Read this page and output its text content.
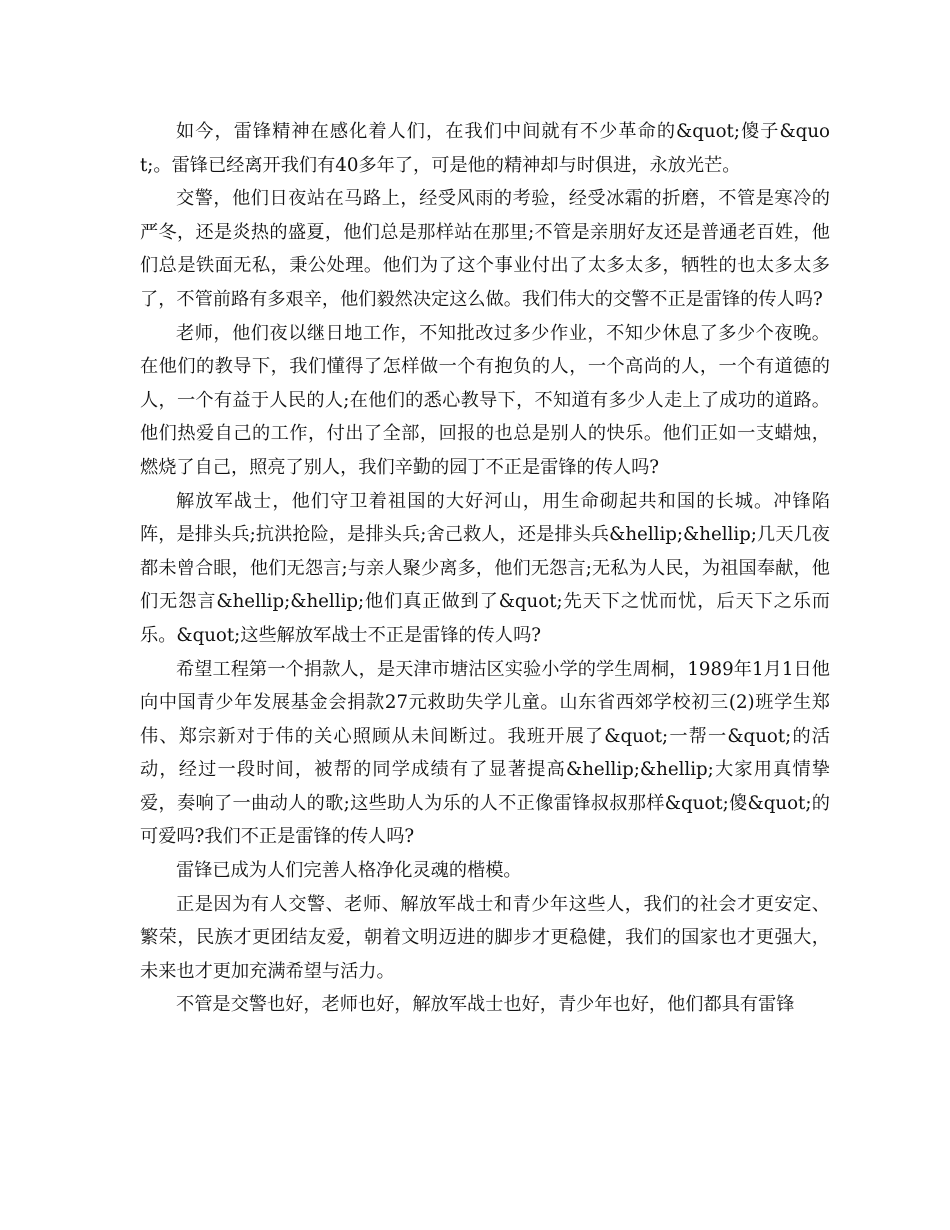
如今，雷锋精神在感化着人们，在我们中间就有不少革命的&quot;傻子&quot;。雷锋已经离开我们有40多年了，可是他的精神却与时俱进，永放光芒。

交警，他们日夜站在马路上，经受风雨的考验，经受冰霜的折磨，不管是寒冷的严冬，还是炎热的盛夏，他们总是那样站在那里;不管是亲朋好友还是普通老百姓，他们总是铁面无私，秉公处理。他们为了这个事业付出了太多太多，牺牲的也太多太多了，不管前路有多艰辛，他们毅然决定这么做。我们伟大的交警不正是雷锋的传人吗?

老师，他们夜以继日地工作，不知批改过多少作业，不知少休息了多少个夜晚。在他们的教导下，我们懂得了怎样做一个有抱负的人，一个高尚的人，一个有道德的人，一个有益于人民的人;在他们的悉心教导下，不知道有多少人走上了成功的道路。他们热爱自己的工作，付出了全部，回报的也总是别人的快乐。他们正如一支蜡烛，燃烧了自己，照亮了别人，我们辛勤的园丁不正是雷锋的传人吗?

解放军战士，他们守卫着祖国的大好河山，用生命砌起共和国的长城。冲锋陷阵，是排头兵;抗洪抢险，是排头兵;舍己救人，还是排头兵&hellip;&hellip;几天几夜都未曾合眼，他们无怨言;与亲人聚少离多，他们无怨言;无私为人民，为祖国奉献，他们无怨言&hellip;&hellip;他们真正做到了&quot;先天下之忧而忧，后天下之乐而乐。&quot;这些解放军战士不正是雷锋的传人吗?

希望工程第一个捐款人，是天津市塘沽区实验小学的学生周桐，1989年1月1日他向中国青少年发展基金会捐款27元救助失学儿童。山东省西郊学校初三(2)班学生郑伟、郑宗新对于伟的关心照顾从未间断过。我班开展了&quot;一帮一&quot;的活动，经过一段时间，被帮的同学成绩有了显著提高&hellip;&hellip;大家用真情挚爱，奏响了一曲动人的歌;这些助人为乐的人不正像雷锋叔叔那样&quot;傻&quot;的可爱吗?我们不正是雷锋的传人吗?

雷锋已成为人们完善人格净化灵魂的楷模。

正是因为有人交警、老师、解放军战士和青少年这些人，我们的社会才更安定、繁荣，民族才更团结友爱，朝着文明迈进的脚步才更稳健，我们的国家也才更强大，未来也才更加充满希望与活力。

不管是交警也好，老师也好，解放军战士也好，青少年也好，他们都具有雷锋
